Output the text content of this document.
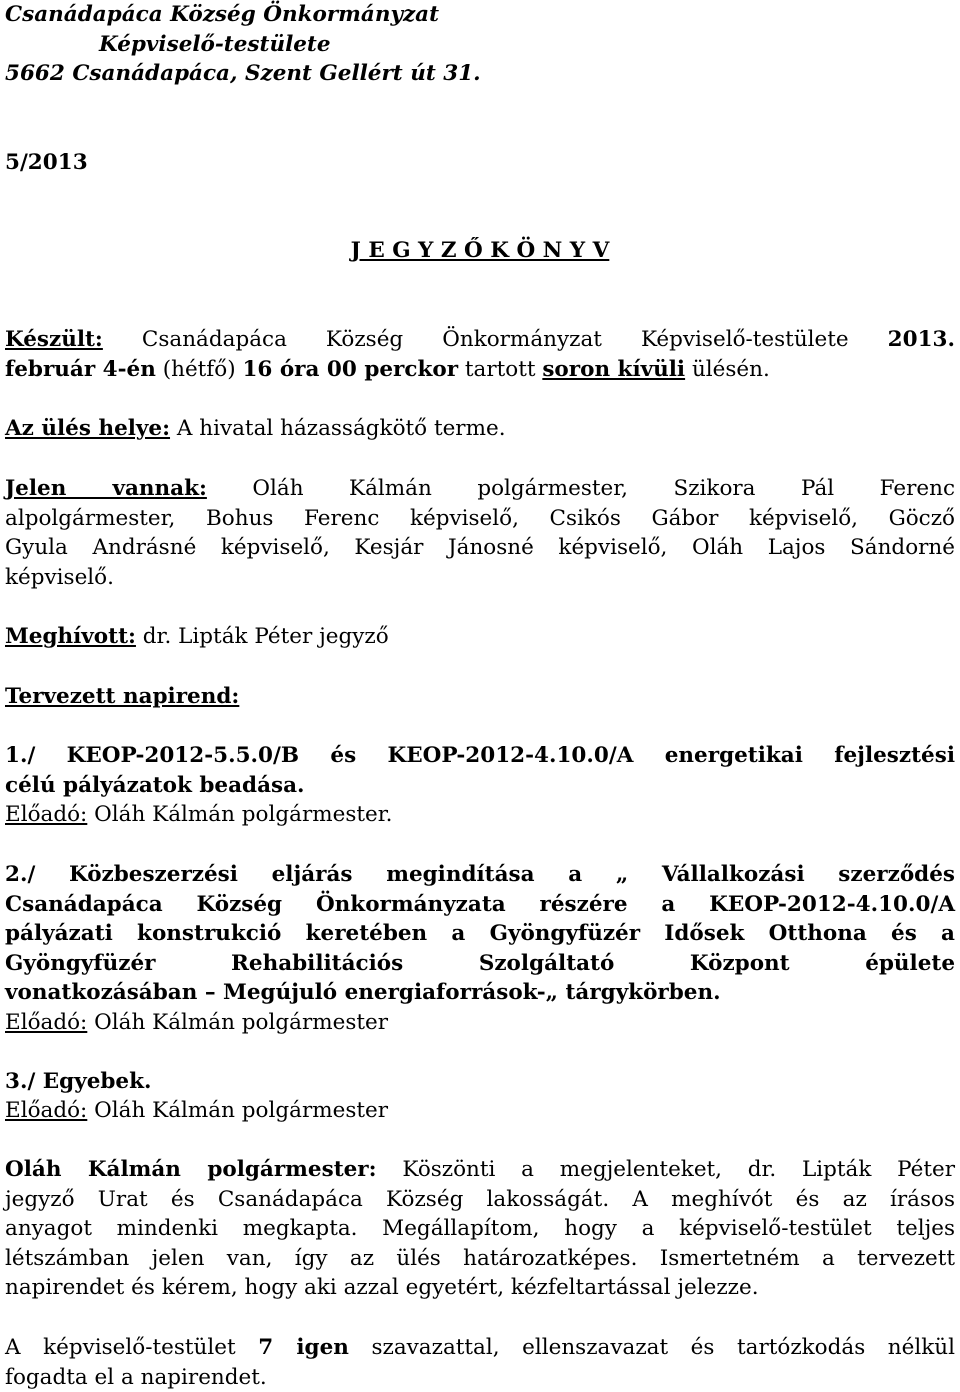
Csanádapáca Község Önkormányzat
Képviselő-testülete
5662 Csanádapáca, Szent Gellért út 31.
5/2013
J E G Y Z Ő K Ö N Y V
Készült: Csanádapáca Község Önkormányzat Képviselő-testülete 2013.
február 4-én (hétfő) 16 óra 00 perckor tartott soron kívüli ülésén.
Az ülés helye: A hivatal házasságkötő terme.
Jelen vannak: Oláh Kálmán polgármester, Szikora Pál Ferenc
alpolgármester, Bohus Ferenc képviselő, Csikós Gábor képviselő, Göcző
Gyula Andrásné képviselő, Kesjár Jánosné képviselő, Oláh Lajos Sándorné
képviselő.
Meghívott: dr. Lipták Péter jegyző
Tervezett napirend:
1./ KEOP-2012-5.5.0/B és KEOP-2012-4.10.0/A energetikai fejlesztési
célú pályázatok beadása.
Előadó: Oláh Kálmán polgármester.
2./ Közbeszerzési eljárás megindítása a „ Vállalkozási szerződés
Csanádapáca Község Önkormányzata részére a KEOP-2012-4.10.0/A
pályázati konstrukció keretében a Gyöngyfüzér Idősek Otthona és a
Gyöngyfüzér Rehabilitációs Szolgáltató Központ épülete
vonatkozásában – Megújuló energiaforrások-„ tárgykörben.
Előadó: Oláh Kálmán polgármester
3./ Egyebek.
Előadó: Oláh Kálmán polgármester
Oláh Kálmán polgármester: Köszönti a megjelenteket, dr. Lipták Péter
jegyző Urat és Csanádapáca Község lakosságát. A meghívót és az írásos
anyagot mindenki megkapta. Megállapítom, hogy a képviselő-testület teljes
létszámban jelen van, így az ülés határozatképes. Ismertetném a tervezett
napirendet és kérem, hogy aki azzal egyetért, kézfeltartással jelezze.
A képviselő-testület 7 igen szavazattal, ellenszavazat és tartózkodás nélkül
fogadta el a napirendet.
